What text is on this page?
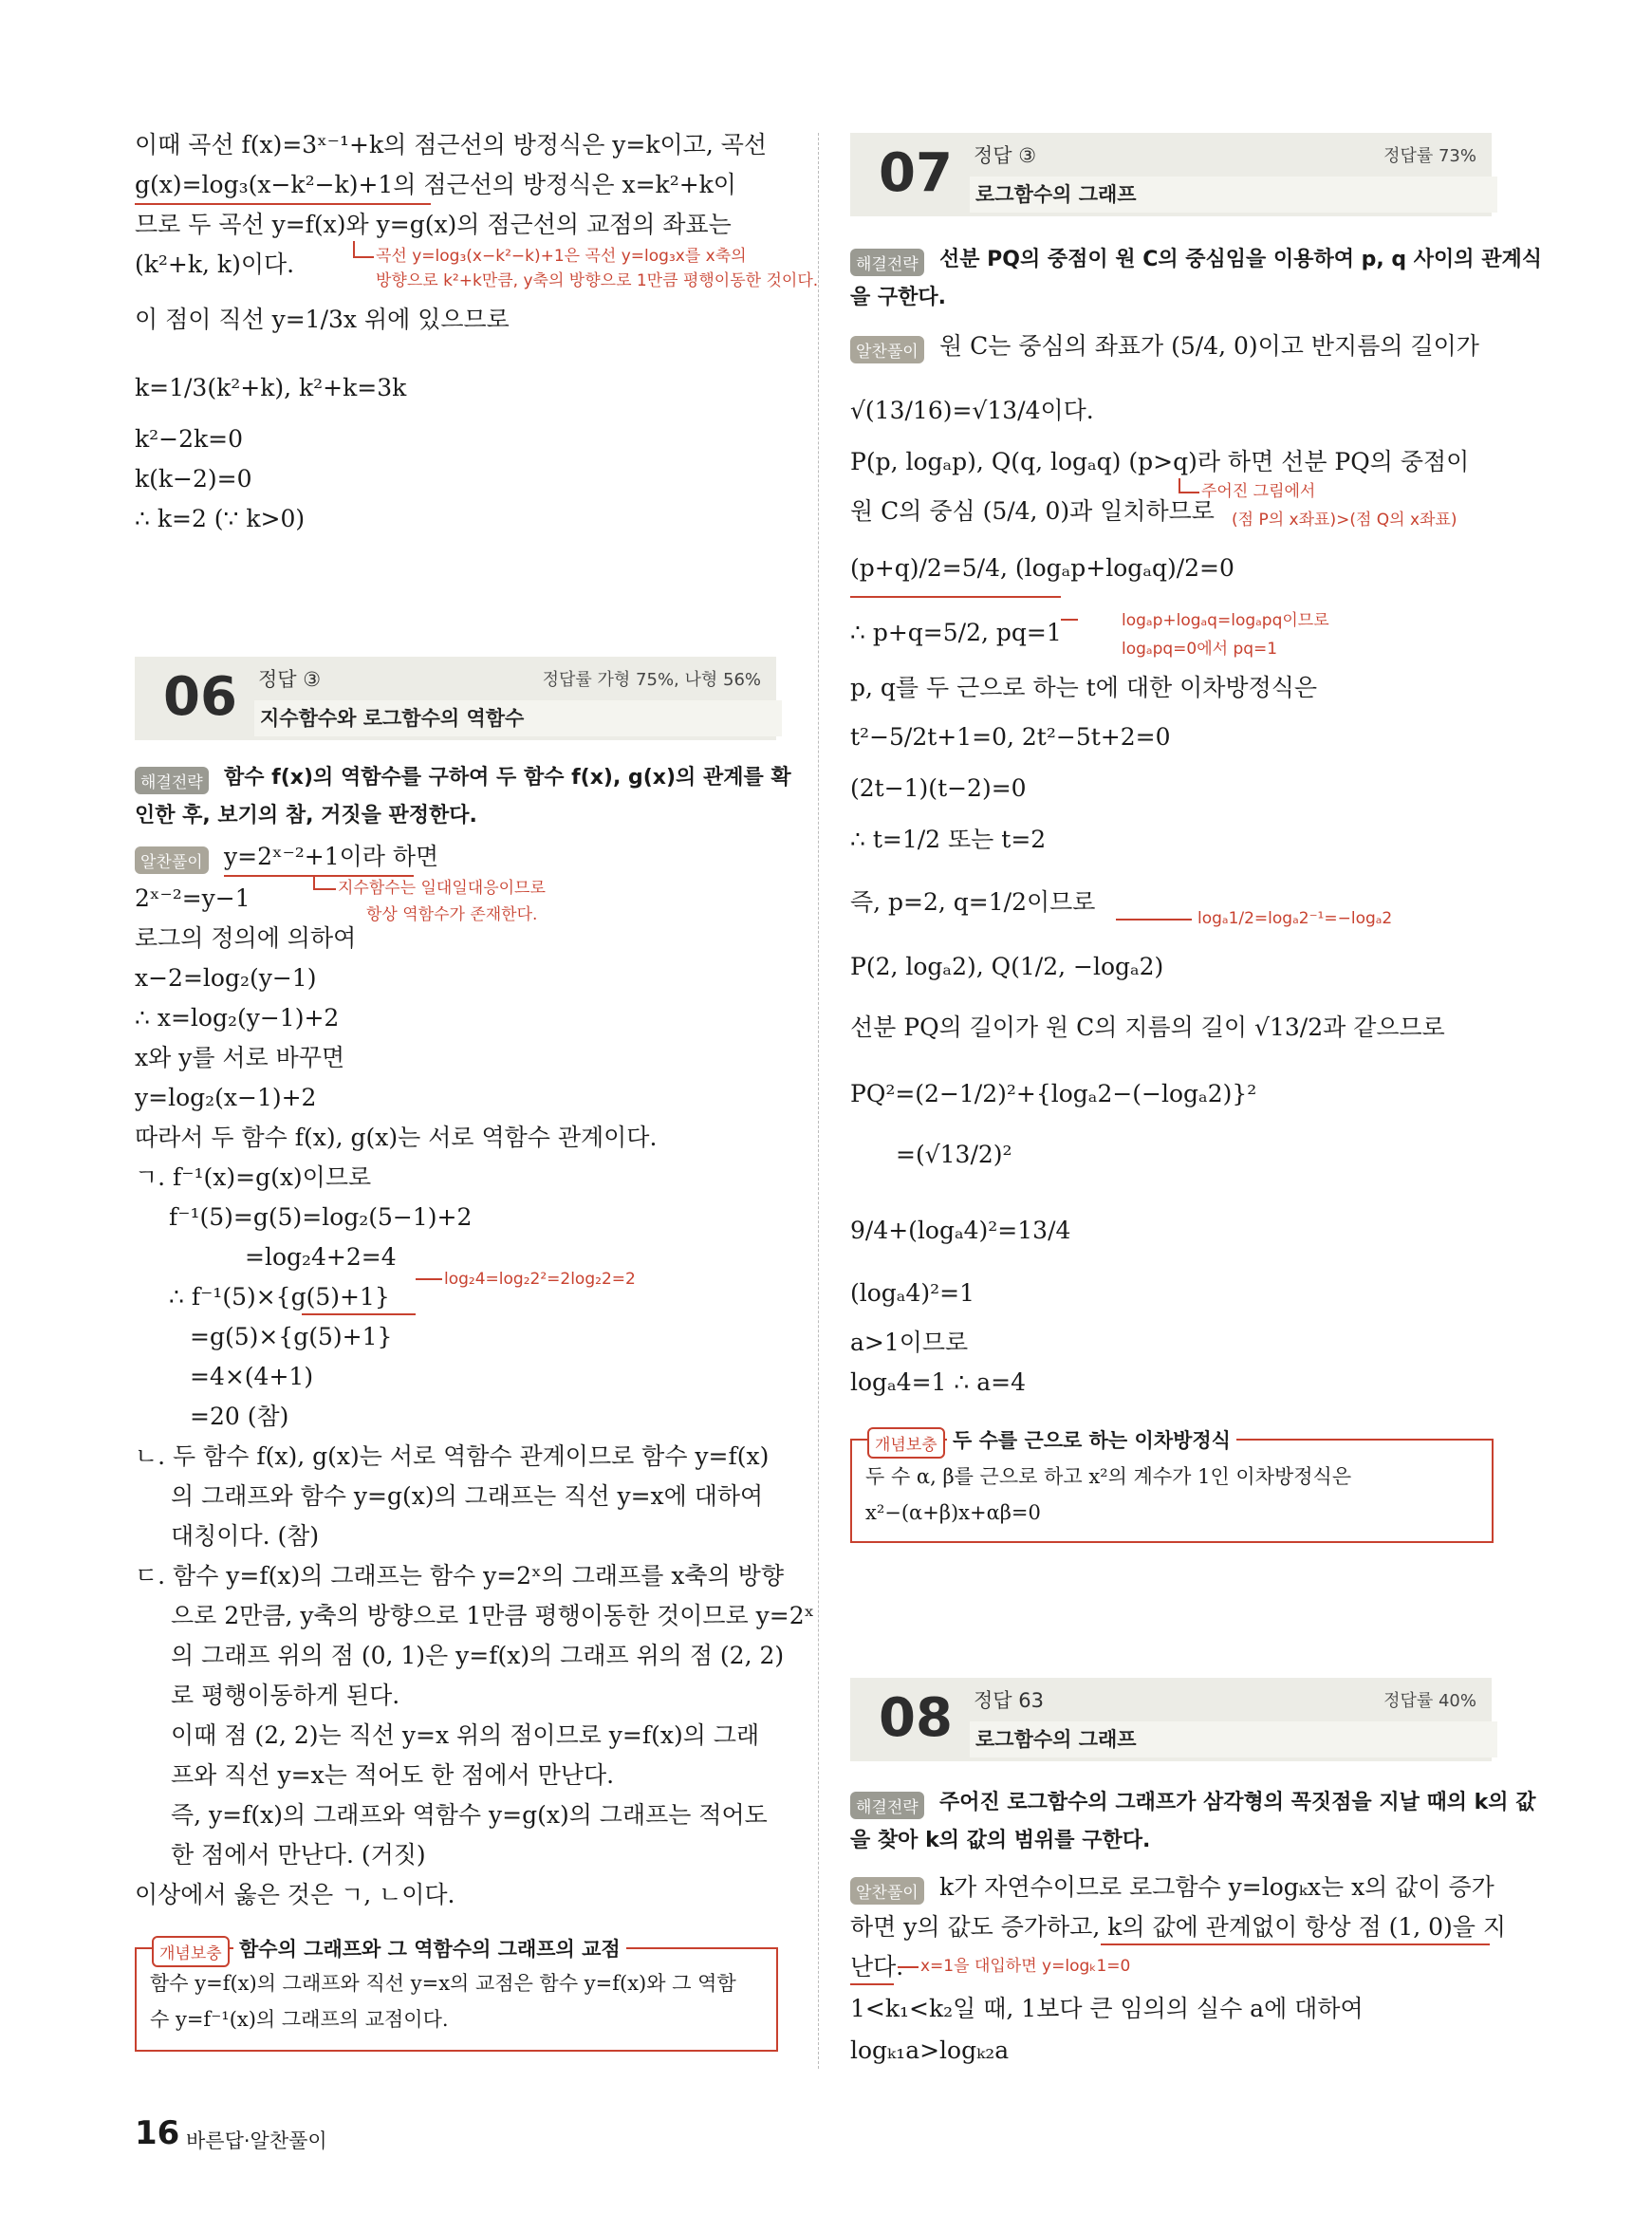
이때 곡선 f(x)=3ˣ⁻¹+k의 점근선의 방정식은 y=k이고, 곡선
g(x)=log₃(x−k²−k)+1의 점근선의 방정식은 x=k²+k이
므로 두 곡선 y=f(x)와 y=g(x)의 점근선의 교점의 좌표는
(k²+k, k)이다.	곡선 y=log₃(x−k²−k)+1은 곡선 y=log₃x를 x축의
방향으로 k²+k만큼, y축의 방향으로 1만큼 평행이동한 것이다.
이 점이 직선 y=1/3x 위에 있으므로
k=1/3(k²+k), k²+k=3k
k²−2k=0
k(k−2)=0
∴ k=2 (∵ k>0)
06 정답 ③	정답률 가형 75%, 나형 56%
지수함수와 로그함수의 역함수
해결전략 함수 f(x)의 역함수를 구하여 두 함수 f(x), g(x)의 관계를 확
인한 후, 보기의 참, 거짓을 판정한다.
알찬풀이 y=2ˣ⁻²+1이라 하면
지수함수는 일대일대응이므로
항상 역함수가 존재한다.
2ˣ⁻²=y−1
로그의 정의에 의하여
x−2=log₂(y−1)
∴ x=log₂(y−1)+2
x와 y를 서로 바꾸면
y=log₂(x−1)+2
따라서 두 함수 f(x), g(x)는 서로 역함수 관계이다.
ㄱ. f⁻¹(x)=g(x)이므로
f⁻¹(5)=g(5)=log₂(5−1)+2
=log₂4+2=4
∴ f⁻¹(5)×{g(5)+1}
log₂4=log₂2²=2log₂2=2
=g(5)×{g(5)+1}
=4×(4+1)
=20 (참)
ㄴ. 두 함수 f(x), g(x)는 서로 역함수 관계이므로 함수 y=f(x)
의 그래프와 함수 y=g(x)의 그래프는 직선 y=x에 대하여
대칭이다. (참)
ㄷ. 함수 y=f(x)의 그래프는 함수 y=2ˣ의 그래프를 x축의 방향
으로 2만큼, y축의 방향으로 1만큼 평행이동한 것이므로 y=2ˣ
의 그래프 위의 점 (0, 1)은 y=f(x)의 그래프 위의 점 (2, 2)
로 평행이동하게 된다.
이때 점 (2, 2)는 직선 y=x 위의 점이므로 y=f(x)의 그래
프와 직선 y=x는 적어도 한 점에서 만난다.
즉, y=f(x)의 그래프와 역함수 y=g(x)의 그래프는 적어도
한 점에서 만난다. (거짓)
이상에서 옳은 것은 ㄱ, ㄴ이다.
개념보충 함수의 그래프와 그 역함수의 그래프의 교점
함수 y=f(x)의 그래프와 직선 y=x의 교점은 함수 y=f(x)와 그 역함
수 y=f⁻¹(x)의 그래프의 교점이다.
07 정답 ③	정답률 73%
로그함수의 그래프
해결전략 선분 PQ의 중점이 원 C의 중심임을 이용하여 p, q 사이의 관계식
을 구한다.
알찬풀이 원 C는 중심의 좌표가 (5/4, 0)이고 반지름의 길이가
√(13/16)=√13/4이다.
P(p, logₐp), Q(q, logₐq) (p>q)라 하면 선분 PQ의 중점이
주어진 그림에서
(점 P의 x좌표)>(점 Q의 x좌표)
원 C의 중심 (5/4, 0)과 일치하므로
(p+q)/2=5/4, (logₐp+logₐq)/2=0
∴ p+q=5/2, pq=1	logₐp+logₐq=logₐpq이므로
logₐpq=0에서 pq=1
p, q를 두 근으로 하는 t에 대한 이차방정식은
t²−5/2t+1=0, 2t²−5t+2=0
(2t−1)(t−2)=0
∴ t=1/2 또는 t=2
즉, p=2, q=1/2이므로
logₐ1/2=logₐ2⁻¹=−logₐ2
P(2, logₐ2), Q(1/2, −logₐ2)
선분 PQ의 길이가 원 C의 지름의 길이 √13/2과 같으므로
PQ²=(2−1/2)²+{logₐ2−(−logₐ2)}²
=(√13/2)²
9/4+(logₐ4)²=13/4
(logₐ4)²=1
a>1이므로
logₐ4=1 ∴ a=4
개념보충 두 수를 근으로 하는 이차방정식
두 수 α, β를 근으로 하고 x²의 계수가 1인 이차방정식은
x²−(α+β)x+αβ=0
08 정답 63	정답률 40%
로그함수의 그래프
해결전략 주어진 로그함수의 그래프가 삼각형의 꼭짓점을 지날 때의 k의 값
을 찾아 k의 값의 범위를 구한다.
알찬풀이 k가 자연수이므로 로그함수 y=logₖx는 x의 값이 증가
하면 y의 값도 증가하고, k의 값에 관계없이 항상 점 (1, 0)을 지
난다. x=1을 대입하면 y=logₖ1=0
1<k₁<k₂일 때, 1보다 큰 임의의 실수 a에 대하여
logₖ₁a>logₖ₂a
16 바른답·알찬풀이
